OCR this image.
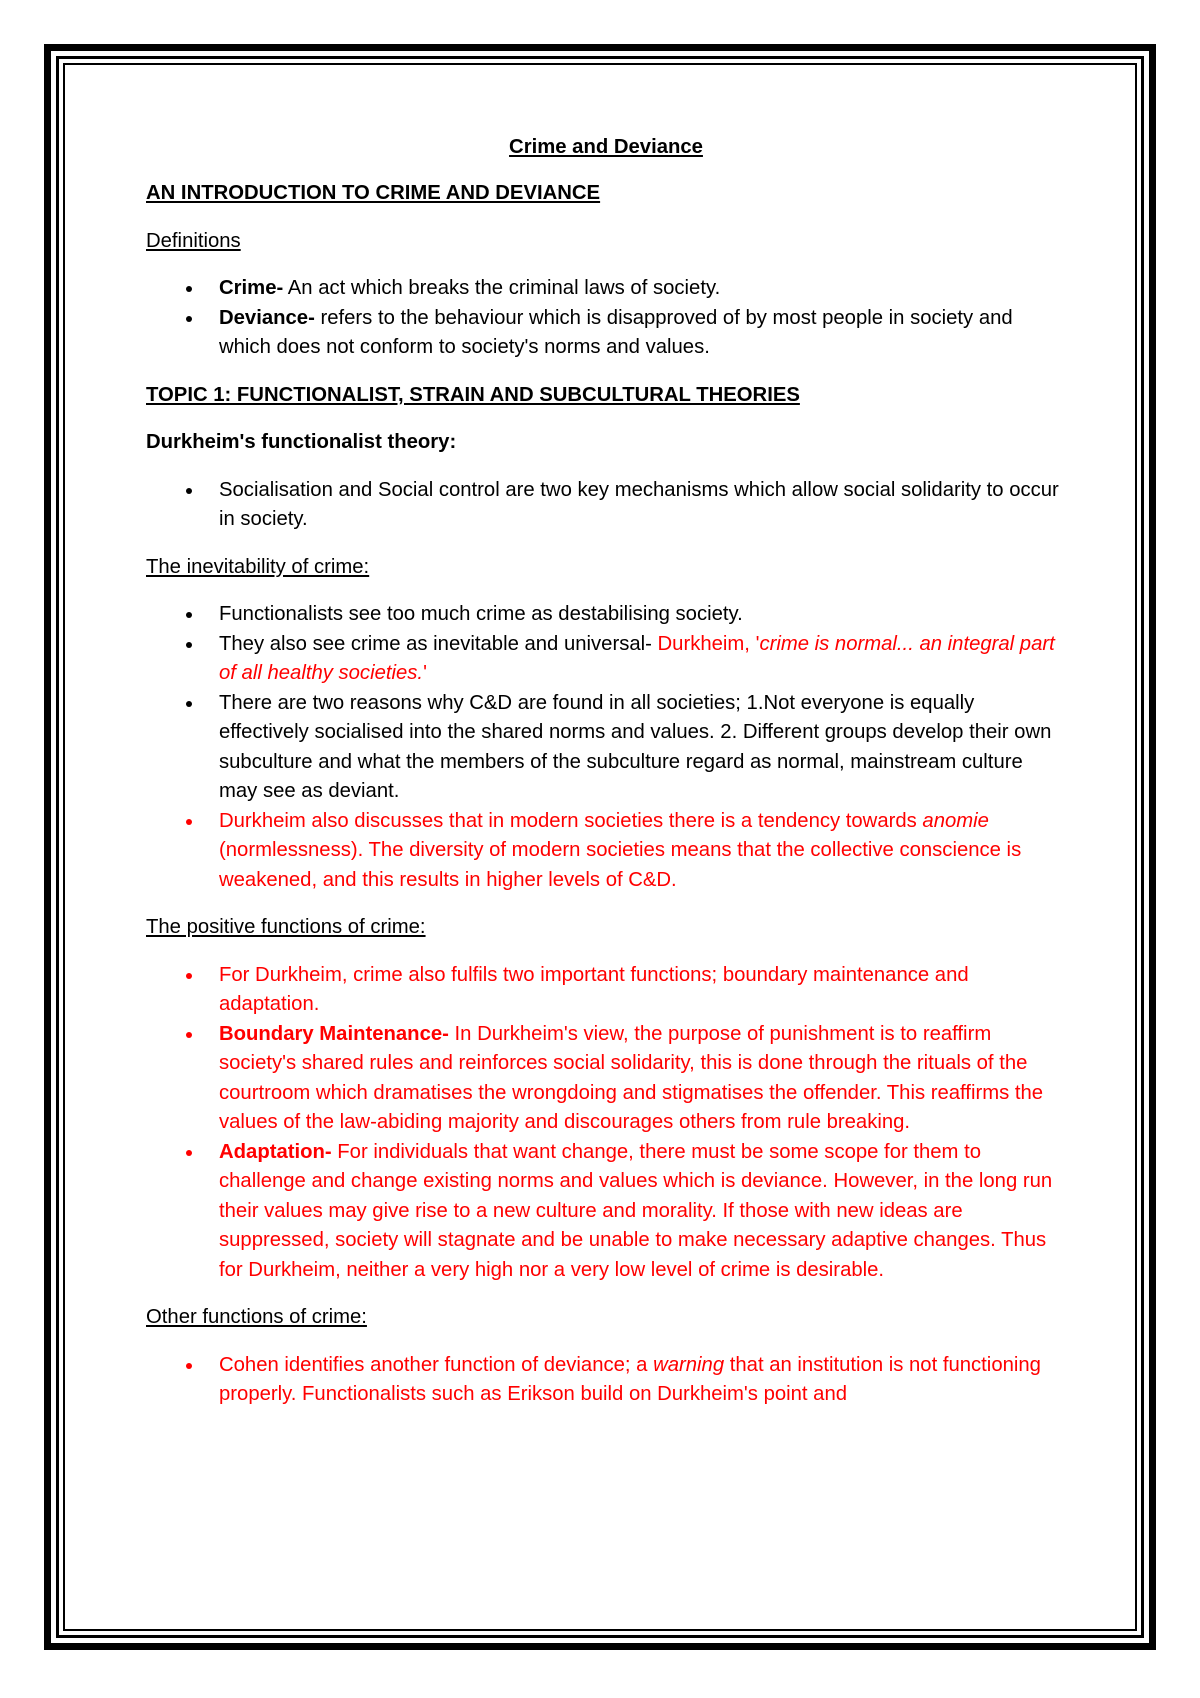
Crime and Deviance
AN INTRODUCTION TO CRIME AND DEVIANCE
Definitions
Crime- An act which breaks the criminal laws of society.
Deviance- refers to the behaviour which is disapproved of by most people in society and which does not conform to society's norms and values.
TOPIC 1: FUNCTIONALIST, STRAIN AND SUBCULTURAL THEORIES
Durkheim's functionalist theory:
Socialisation and Social control are two key mechanisms which allow social solidarity to occur in society.
The inevitability of crime:
Functionalists see too much crime as destabilising society.
They also see crime as inevitable and universal- Durkheim, 'crime is normal... an integral part of all healthy societies.'
There are two reasons why C&D are found in all societies; 1.Not everyone is equally effectively socialised into the shared norms and values. 2. Different groups develop their own subculture and what the members of the subculture regard as normal, mainstream culture may see as deviant.
Durkheim also discusses that in modern societies there is a tendency towards anomie (normlessness). The diversity of modern societies means that the collective conscience is weakened, and this results in higher levels of C&D.
The positive functions of crime:
For Durkheim, crime also fulfils two important functions; boundary maintenance and adaptation.
Boundary Maintenance- In Durkheim's view, the purpose of punishment is to reaffirm society's shared rules and reinforces social solidarity, this is done through the rituals of the courtroom which dramatises the wrongdoing and stigmatises the offender. This reaffirms the values of the law-abiding majority and discourages others from rule breaking.
Adaptation- For individuals that want change, there must be some scope for them to challenge and change existing norms and values which is deviance. However, in the long run their values may give rise to a new culture and morality. If those with new ideas are suppressed, society will stagnate and be unable to make necessary adaptive changes. Thus for Durkheim, neither a very high nor a very low level of crime is desirable.
Other functions of crime:
Cohen identifies another function of deviance; a warning that an institution is not functioning properly. Functionalists such as Erikson build on Durkheim's point and
